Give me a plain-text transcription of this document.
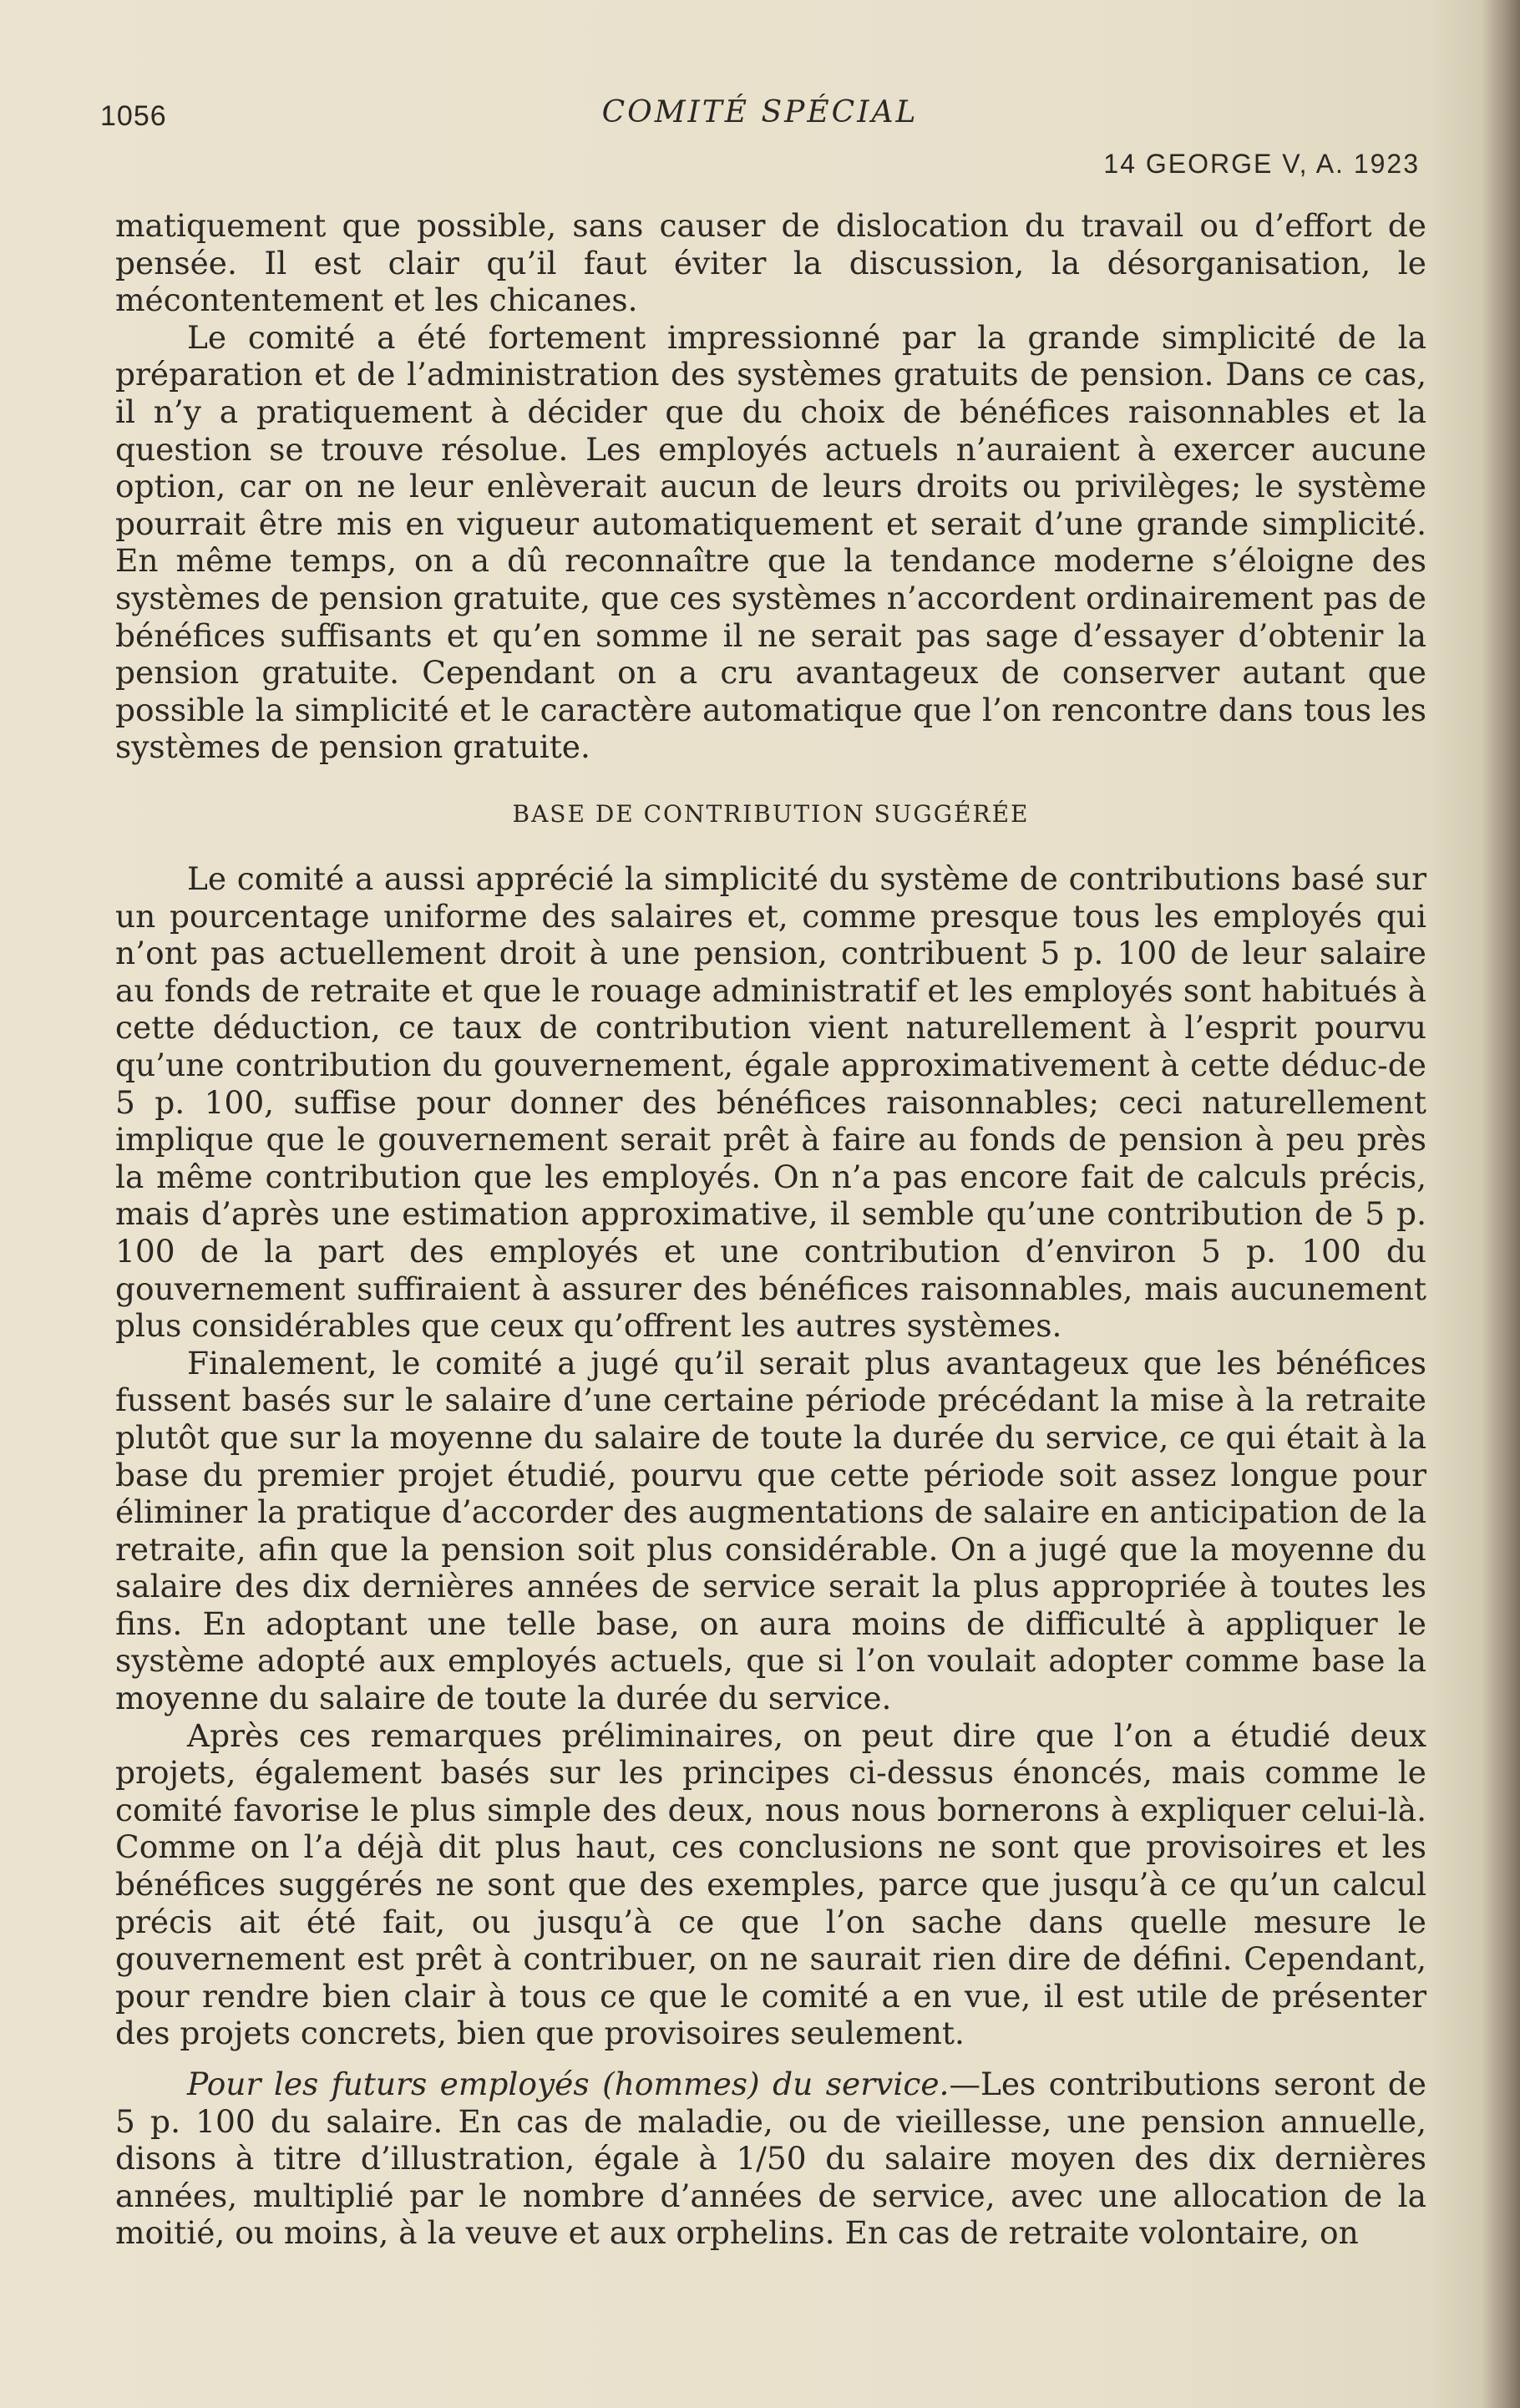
1056	COMITÉ SPÉCIAL
14 GEORGE V, A. 1923

matiquement que possible, sans causer de dislocation du travail ou d’effort de pensée. Il est clair qu’il faut éviter la discussion, la désorganisation, le mécontentement et les chicanes.

Le comité a été fortement impressionné par la grande simplicité de la préparation et de l’administration des systèmes gratuits de pension. Dans ce cas, il n’y a pratiquement à décider que du choix de bénéfices raisonnables et la question se trouve résolue. Les employés actuels n’auraient à exercer aucune option, car on ne leur enlèverait aucun de leurs droits ou privilèges; le système pourrait être mis en vigueur automatiquement et serait d’une grande simplicité. En même temps, on a dû reconnaître que la tendance moderne s’éloigne des systèmes de pension gratuite, que ces systèmes n’accordent ordinairement pas de bénéfices suffisants et qu’en somme il ne serait pas sage d’essayer d’obtenir la pension gratuite. Cependant on a cru avantageux de conserver autant que possible la simplicité et le caractère automatique que l’on rencontre dans tous les systèmes de pension gratuite.

BASE DE CONTRIBUTION SUGGÉRÉE

Le comité a aussi apprécié la simplicité du système de contributions basé sur un pourcentage uniforme des salaires et, comme presque tous les employés qui n’ont pas actuellement droit à une pension, contribuent 5 p. 100 de leur salaire au fonds de retraite et que le rouage administratif et les employés sont habitués à cette déduction, ce taux de contribution vient naturellement à l’esprit pourvu qu’une contribution du gouvernement, égale approximativement à cette déduc-de 5 p. 100, suffise pour donner des bénéfices raisonnables; ceci naturellement implique que le gouvernement serait prêt à faire au fonds de pension à peu près la même contribution que les employés. On n’a pas encore fait de calculs précis, mais d’après une estimation approximative, il semble qu’une contribution de 5 p. 100 de la part des employés et une contribution d’environ 5 p. 100 du gouvernement suffiraient à assurer des bénéfices raisonnables, mais aucunement plus considérables que ceux qu’offrent les autres systèmes.

Finalement, le comité a jugé qu’il serait plus avantageux que les bénéfices fussent basés sur le salaire d’une certaine période précédant la mise à la retraite plutôt que sur la moyenne du salaire de toute la durée du service, ce qui était à la base du premier projet étudié, pourvu que cette période soit assez longue pour éliminer la pratique d’accorder des augmentations de salaire en anticipation de la retraite, afin que la pension soit plus considérable. On a jugé que la moyenne du salaire des dix dernières années de service serait la plus appropriée à toutes les fins. En adoptant une telle base, on aura moins de difficulté à appliquer le système adopté aux employés actuels, que si l’on voulait adopter comme base la moyenne du salaire de toute la durée du service.

Après ces remarques préliminaires, on peut dire que l’on a étudié deux projets, également basés sur les principes ci-dessus énoncés, mais comme le comité favorise le plus simple des deux, nous nous bornerons à expliquer celui-là. Comme on l’a déjà dit plus haut, ces conclusions ne sont que provisoires et les bénéfices suggérés ne sont que des exemples, parce que jusqu’à ce qu’un calcul précis ait été fait, ou jusqu’à ce que l’on sache dans quelle mesure le gouvernement est prêt à contribuer, on ne saurait rien dire de défini. Cependant, pour rendre bien clair à tous ce que le comité a en vue, il est utile de présenter des projets concrets, bien que provisoires seulement.

Pour les futurs employés (hommes) du service.—Les contributions seront de 5 p. 100 du salaire. En cas de maladie, ou de vieillesse, une pension annuelle, disons à titre d’illustration, égale à 1/50 du salaire moyen des dix dernières années, multiplié par le nombre d’années de service, avec une allocation de la moitié, ou moins, à la veuve et aux orphelins. En cas de retraite volontaire, on
